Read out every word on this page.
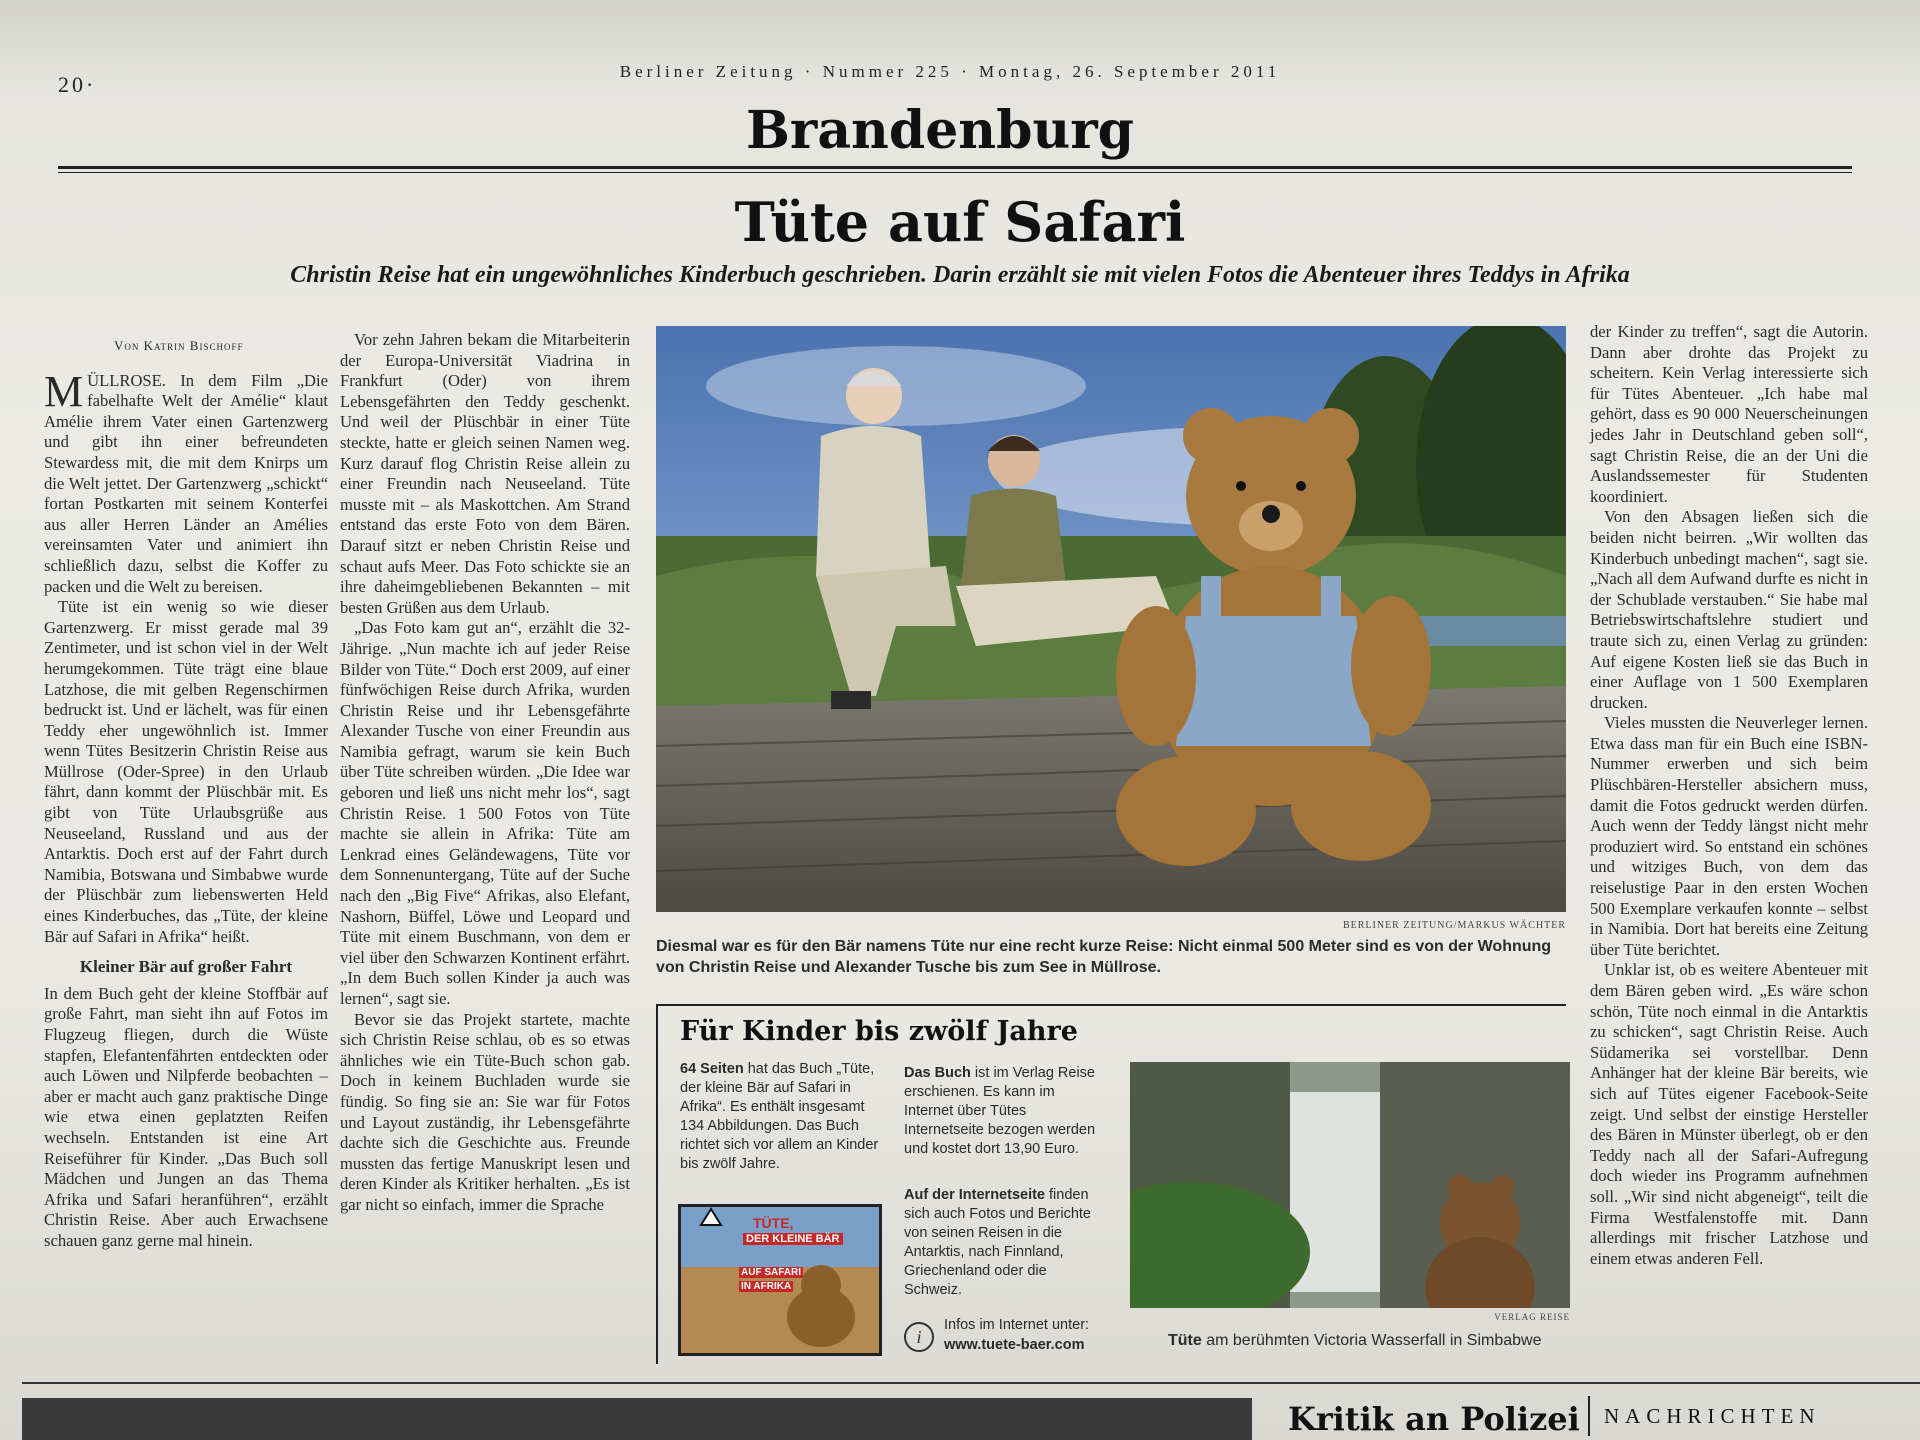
20·
Berliner Zeitung · Nummer 225 · Montag, 26. September 2011
Brandenburg
Tüte auf Safari
Christin Reise hat ein ungewöhnliches Kinderbuch geschrieben. Darin erzählt sie mit vielen Fotos die Abenteuer ihres Teddys in Afrika
Von Katrin Bischoff

MÜLLROSE. In dem Film „Die fabelhafte Welt der Amélie“ klaut Amélie ihrem Vater einen Gartenzwerg und gibt ihn einer befreundeten Stewardess mit, die mit dem Knirps um die Welt jettet. Der Gartenzwerg „schickt“ fortan Postkarten mit seinem Konterfei aus aller Herren Länder an Amélies vereinsamten Vater und animiert ihn schließlich dazu, selbst die Koffer zu packen und die Welt zu bereisen.

Tüte ist ein wenig so wie dieser Gartenzwerg. Er misst gerade mal 39 Zentimeter, und ist schon viel in der Welt herumgekommen. Tüte trägt eine blaue Latzhose, die mit gelben Regenschirmen bedruckt ist. Und er lächelt, was für einen Teddy eher ungewöhnlich ist. Immer wenn Tütes Besitzerin Christin Reise aus Müllrose (Oder-Spree) in den Urlaub fährt, dann kommt der Plüschbär mit. Es gibt von Tüte Urlaubsgrüße aus Neuseeland, Russland und aus der Antarktis. Doch erst auf der Fahrt durch Namibia, Botswana und Simbabwe wurde der Plüschbär zum liebenswerten Held eines Kinderbuches, das „Tüte, der kleine Bär auf Safari in Afrika“ heißt.

Kleiner Bär auf großer Fahrt

In dem Buch geht der kleine Stoffbär auf große Fahrt, man sieht ihn auf Fotos im Flugzeug fliegen, durch die Wüste stapfen, Elefantenfährten entdeckten oder auch Löwen und Nilpferde beobachten – aber er macht auch ganz praktische Dinge wie etwa einen geplatzten Reifen wechseln. Entstanden ist eine Art Reiseführer für Kinder. „Das Buch soll Mädchen und Jungen an das Thema Afrika und Safari heranführen“, erzählt Christin Reise. Aber auch Erwachsene schauen ganz gerne mal hinein.

Vor zehn Jahren bekam die Mitarbeiterin der Europa-Universität Viadrina in Frankfurt (Oder) von ihrem Lebensgefährten den Teddy geschenkt. Und weil der Plüschbär in einer Tüte steckte, hatte er gleich seinen Namen weg. Kurz darauf flog Christin Reise allein zu einer Freundin nach Neuseeland. Tüte musste mit – als Maskottchen. Am Strand entstand das erste Foto von dem Bären. Darauf sitzt er neben Christin Reise und schaut aufs Meer. Das Foto schickte sie an ihre daheimgebliebenen Bekannten – mit besten Grüßen aus dem Urlaub.

„Das Foto kam gut an“, erzählt die 32-Jährige. „Nun machte ich auf jeder Reise Bilder von Tüte.“ Doch erst 2009, auf einer fünfwöchigen Reise durch Afrika, wurden Christin Reise und ihr Lebensgefährte Alexander Tusche von einer Freundin aus Namibia gefragt, warum sie kein Buch über Tüte schreiben würden. „Die Idee war geboren und ließ uns nicht mehr los“, sagt Christin Reise. 1 500 Fotos von Tüte machte sie allein in Afrika: Tüte am Lenkrad eines Geländewagens, Tüte vor dem Sonnenuntergang, Tüte auf der Suche nach den „Big Five“ Afrikas, also Elefant, Nashorn, Büffel, Löwe und Leopard und Tüte mit einem Buschmann, von dem er viel über den Schwarzen Kontinent erfährt. „In dem Buch sollen Kinder ja auch was lernen“, sagt sie.

Bevor sie das Projekt startete, machte sich Christin Reise schlau, ob es so etwas ähnliches wie ein Tüte-Buch schon gab. Doch in keinem Buchladen wurde sie fündig. So fing sie an: Sie war für Fotos und Layout zuständig, ihr Lebensgefährte dachte sich die Geschichte aus. Freunde mussten das fertige Manuskript lesen und deren Kinder als Kritiker herhalten. „Es ist gar nicht so einfach, immer die Sprache

BERLINER ZEITUNG/MARKUS WÄCHTER
Diesmal war es für den Bär namens Tüte nur eine recht kurze Reise: Nicht einmal 500 Meter sind es von der Wohnung von Christin Reise und Alexander Tusche bis zum See in Müllrose.

der Kinder zu treffen“, sagt die Autorin. Dann aber drohte das Projekt zu scheitern. Kein Verlag interessierte sich für Tütes Abenteuer. „Ich habe mal gehört, dass es 90 000 Neuerscheinungen jedes Jahr in Deutschland geben soll“, sagt Christin Reise, die an der Uni die Auslandssemester für Studenten koordiniert.

Von den Absagen ließen sich die beiden nicht beirren. „Wir wollten das Kinderbuch unbedingt machen“, sagt sie. „Nach all dem Aufwand durfte es nicht in der Schublade verstauben.“ Sie habe mal Betriebswirtschaftslehre studiert und traute sich zu, einen Verlag zu gründen: Auf eigene Kosten ließ sie das Buch in einer Auflage von 1 500 Exemplaren drucken.

Vieles mussten die Neuverleger lernen. Etwa dass man für ein Buch eine ISBN-Nummer erwerben und sich beim Plüschbären-Hersteller absichern muss, damit die Fotos gedruckt werden dürfen. Auch wenn der Teddy längst nicht mehr produziert wird. So entstand ein schönes und witziges Buch, von dem das reiselustige Paar in den ersten Wochen 500 Exemplare verkaufen konnte – selbst in Namibia. Dort hat bereits eine Zeitung über Tüte berichtet.

Unklar ist, ob es weitere Abenteuer mit dem Bären geben wird. „Es wäre schon schön, Tüte noch einmal in die Antarktis zu schicken“, sagt Christin Reise. Auch Südamerika sei vorstellbar. Denn Anhänger hat der kleine Bär bereits, wie sich auf Tütes eigener Facebook-Seite zeigt. Und selbst der einstige Hersteller des Bären in Münster überlegt, ob er den Teddy nach all der Safari-Aufregung doch wieder ins Programm aufnehmen soll. „Wir sind nicht abgeneigt“, teilt die Firma Westfalenstoffe mit. Dann allerdings mit frischer Latzhose und einem etwas anderen Fell.

Für Kinder bis zwölf Jahre
64 Seiten hat das Buch „Tüte, der kleine Bär auf Safari in Afrika“. Es enthält insgesamt 134 Abbildungen. Das Buch richtet sich vor allem an Kinder bis zwölf Jahre.
Das Buch ist im Verlag Reise erschienen. Es kann im Internet über Tütes Internetseite bezogen werden und kostet dort 13,90 Euro.
Auf der Internetseite finden sich auch Fotos und Berichte von seinen Reisen in die Antarktis, nach Finnland, Griechenland oder die Schweiz.
TÜTE,
DER KLEINE BÄR
AUF SAFARI
IN AFRIKA
i
Infos im Internet unter:
www.tuete-baer.com
VERLAG REISE
Tüte am berühmten Victoria Wasserfall in Simbabwe
Kritik an Polizei NACHRICHTEN
